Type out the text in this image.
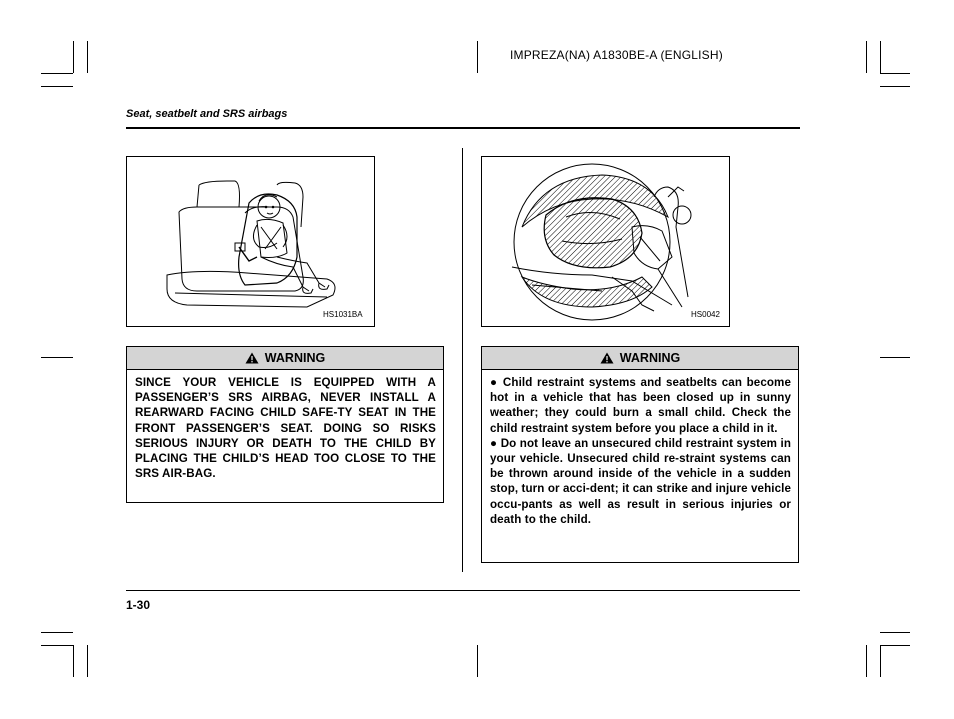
IMPREZA(NA) A1830BE-A (ENGLISH)
Seat, seatbelt and SRS airbags
HS1031BA	HS0042
WARNING

SINCE YOUR VEHICLE IS EQUIPPED WITH A PASSENGER’S SRS AIRBAG, NEVER INSTALL A REARWARD FACING CHILD SAFE-TY SEAT IN THE FRONT PASSENGER’S SEAT. DOING SO RISKS SERIOUS INJURY OR DEATH TO THE CHILD BY PLACING THE CHILD’S HEAD TOO CLOSE TO THE SRS AIR-BAG.

WARNING

● Child restraint systems and seatbelts can become hot in a vehicle that has been closed up in sunny weather; they could burn a small child. Check the child restraint system before you place a child in it.

● Do not leave an unsecured child restraint system in your vehicle. Unsecured child re-straint systems can be thrown around inside of the vehicle in a sudden stop, turn or acci-dent; it can strike and injure vehicle occu-pants as well as result in serious injuries or death to the child.

1-30
